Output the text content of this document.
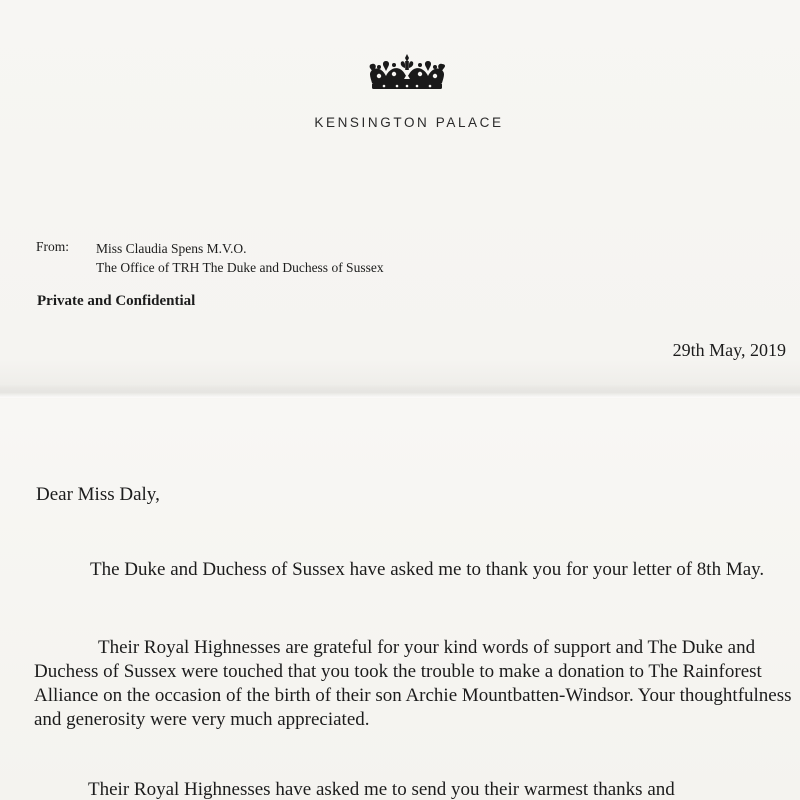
KENSINGTON PALACE
From: Miss Claudia Spens M.V.O.
The Office of TRH The Duke and Duchess of Sussex
Private and Confidential
29th May, 2019
Dear Miss Daly,

The Duke and Duchess of Sussex have asked me to thank you for your letter of 8th May.

Their Royal Highnesses are grateful for your kind words of support and The Duke and Duchess of Sussex were touched that you took the trouble to make a donation to The Rainforest Alliance on the occasion of the birth of their son Archie Mountbatten-Windsor. Your thoughtfulness and generosity were very much appreciated.

Their Royal Highnesses have asked me to send you their warmest thanks and
